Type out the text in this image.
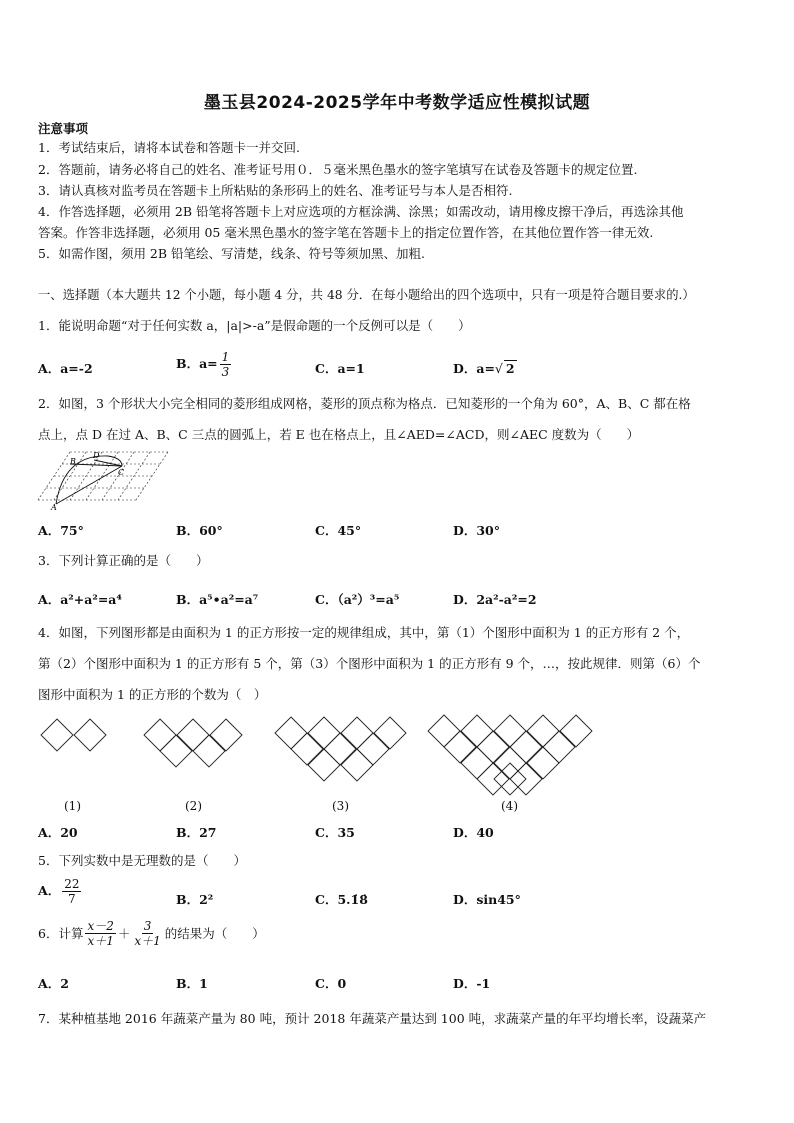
墨玉县2024-2025学年中考数学适应性模拟试题
注意事项
1．考试结束后，请将本试卷和答题卡一并交回.
2．答题前，请务必将自己的姓名、准考证号用０．５毫米黑色墨水的签字笔填写在试卷及答题卡的规定位置.
3．请认真核对监考员在答题卡上所粘贴的条形码上的姓名、准考证号与本人是否相符.
4．作答选择题，必须用 2B 铅笔将答题卡上对应选项的方框涂满、涂黑；如需改动，请用橡皮擦干净后，再选涂其他
答案。作答非选择题，必须用 05 毫米黑色墨水的签字笔在答题卡上的指定位置作答，在其他位置作答一律无效.
5．如需作图，须用 2B 铅笔绘、写清楚，线条、符号等须加黑、加粗.
一、选择题（本大题共 12 个小题，每小题 4 分，共 48 分．在每小题给出的四个选项中，只有一项是符合题目要求的.）
1．能说明命题“对于任何实数 a，|a|>-a”是假命题的一个反例可以是（　　）
A．a=-2	B．$a= \frac{1}{3}$	C．a=1	D．a=√ 2
2．如图，3 个形状大小完全相同的菱形组成网格，菱形的顶点称为格点．已知菱形的一个角为 60°，A、B、C 都在格
点上，点 D 在过 A、B、C 三点的圆弧上，若 E 也在格点上，且∠AED=∠ACD，则∠AEC 度数为（　　）
A
B
C
D
A．75°	B．60°	C．45°	D．30°
3．下列计算正确的是（　　）
A．a²+a²=a⁴	B．a⁵•a²=a⁷	C．（a²）³=a⁵	D．2a²-a²=2
4．如图，下列图形都是由面积为 1 的正方形按一定的规律组成，其中，第（1）个图形中面积为 1 的正方形有 2 个，
第（2）个图形中面积为 1 的正方形有 5 个，第（3）个图形中面积为 1 的正方形有 9 个，…，按此规律．则第（6）个
图形中面积为 1 的正方形的个数为（　）
(1)	(2)	(3)	(4)
A．20	B．27	C．35	D．40
5．下列实数中是无理数的是（　　）
A． $\frac{22}{7}$	B．2²	C．5.1̇8̇	D．sin45°
6．计算 $\frac{x-2}{x+1} + \frac{3}{x+1}$ 的结果为（　　）
A．2	B．1	C．0	D．-1
7．某种植基地 2016 年蔬菜产量为 80 吨，预计 2018 年蔬菜产量达到 100 吨，求蔬菜产量的年平均增长率，设蔬菜产
